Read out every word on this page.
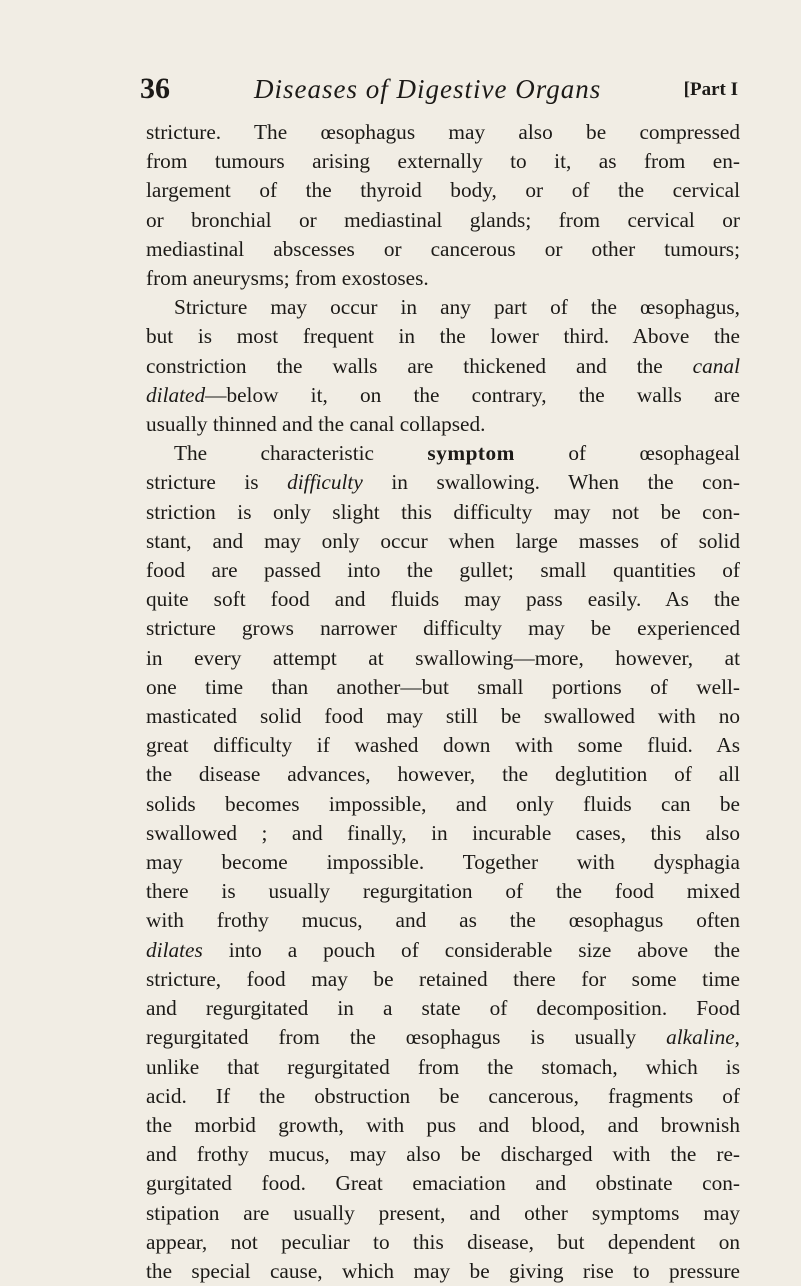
36	Diseases of Digestive Organs	[Part I
stricture. The œsophagus may also be compressed
from tumours arising externally to it, as from en-
largement of the thyroid body, or of the cervical
or bronchial or mediastinal glands; from cervical or
mediastinal abscesses or cancerous or other tumours;
from aneurysms; from exostoses.
Stricture may occur in any part of the œsophagus,
but is most frequent in the lower third. Above the
constriction the walls are thickened and the canal
dilated—below it, on the contrary, the walls are
usually thinned and the canal collapsed.
The characteristic symptom of œsophageal
stricture is difficulty in swallowing. When the con-
striction is only slight this difficulty may not be con-
stant, and may only occur when large masses of solid
food are passed into the gullet; small quantities of
quite soft food and fluids may pass easily. As the
stricture grows narrower difficulty may be experienced
in every attempt at swallowing—more, however, at
one time than another—but small portions of well-
masticated solid food may still be swallowed with no
great difficulty if washed down with some fluid. As
the disease advances, however, the deglutition of all
solids becomes impossible, and only fluids can be
swallowed ; and finally, in incurable cases, this also
may become impossible. Together with dysphagia
there is usually regurgitation of the food mixed
with frothy mucus, and as the œsophagus often
dilates into a pouch of considerable size above the
stricture, food may be retained there for some time
and regurgitated in a state of decomposition. Food
regurgitated from the œsophagus is usually alkaline,
unlike that regurgitated from the stomach, which is
acid. If the obstruction be cancerous, fragments of
the morbid growth, with pus and blood, and brownish
and frothy mucus, may also be discharged with the re-
gurgitated food. Great emaciation and obstinate con-
stipation are usually present, and other symptoms may
appear, not peculiar to this disease, but dependent on
the special cause, which may be giving rise to pressure
